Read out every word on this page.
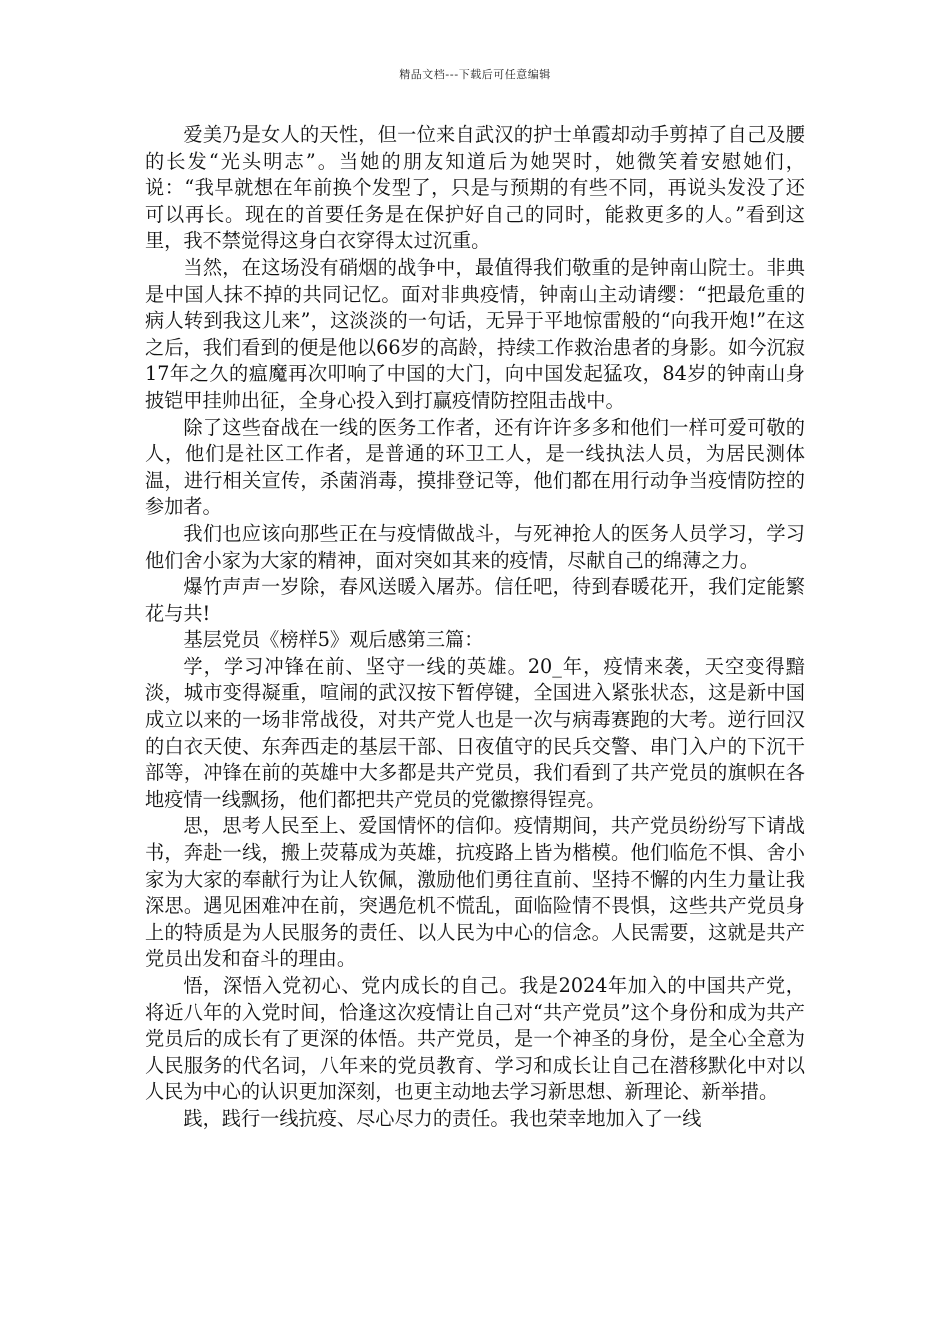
精品文档---下载后可任意编辑

爱美乃是女人的天性，但一位来自武汉的护士单霞却动手剪掉了自己及腰的长发“光头明志”。当她的朋友知道后为她哭时，她微笑着安慰她们，说：“我早就想在年前换个发型了，只是与预期的有些不同，再说头发没了还可以再长。现在的首要任务是在保护好自己的同时，能救更多的人。”看到这里，我不禁觉得这身白衣穿得太过沉重。

当然，在这场没有硝烟的战争中，最值得我们敬重的是钟南山院士。非典是中国人抹不掉的共同记忆。面对非典疫情，钟南山主动请缨：“把最危重的病人转到我这儿来”，这淡淡的一句话，无异于平地惊雷般的“向我开炮!”在这之后，我们看到的便是他以66岁的高龄，持续工作救治患者的身影。如今沉寂17年之久的瘟魔再次叩响了中国的大门，向中国发起猛攻，84岁的钟南山身披铠甲挂帅出征，全身心投入到打赢疫情防控阻击战中。

除了这些奋战在一线的医务工作者，还有许许多多和他们一样可爱可敬的人，他们是社区工作者，是普通的环卫工人，是一线执法人员，为居民测体温，进行相关宣传，杀菌消毒，摸排登记等，他们都在用行动争当疫情防控的参加者。

我们也应该向那些正在与疫情做战斗，与死神抢人的医务人员学习，学习他们舍小家为大家的精神，面对突如其来的疫情，尽献自己的绵薄之力。

爆竹声声一岁除，春风送暖入屠苏。信任吧，待到春暖花开，我们定能繁花与共!

基层党员《榜样5》观后感第三篇：

学，学习冲锋在前、坚守一线的英雄。20_年，疫情来袭，天空变得黯淡，城市变得凝重，喧闹的武汉按下暂停键，全国进入紧张状态，这是新中国成立以来的一场非常战役，对共产党人也是一次与病毒赛跑的大考。逆行回汉的白衣天使、东奔西走的基层干部、日夜值守的民兵交警、串门入户的下沉干部等，冲锋在前的英雄中大多都是共产党员，我们看到了共产党员的旗帜在各地疫情一线飘扬，他们都把共产党员的党徽擦得锃亮。

思，思考人民至上、爱国情怀的信仰。疫情期间，共产党员纷纷写下请战书，奔赴一线，搬上荧幕成为英雄，抗疫路上皆为楷模。他们临危不惧、舍小家为大家的奉献行为让人钦佩，激励他们勇往直前、坚持不懈的内生力量让我深思。遇见困难冲在前，突遇危机不慌乱，面临险情不畏惧，这些共产党员身上的特质是为人民服务的责任、以人民为中心的信念。人民需要，这就是共产党员出发和奋斗的理由。

悟，深悟入党初心、党内成长的自己。我是2024年加入的中国共产党，将近八年的入党时间，恰逢这次疫情让自己对“共产党员”这个身份和成为共产党员后的成长有了更深的体悟。共产党员，是一个神圣的身份，是全心全意为人民服务的代名词，八年来的党员教育、学习和成长让自己在潜移默化中对以人民为中心的认识更加深刻，也更主动地去学习新思想、新理论、新举措。

践，践行一线抗疫、尽心尽力的责任。我也荣幸地加入了一线
